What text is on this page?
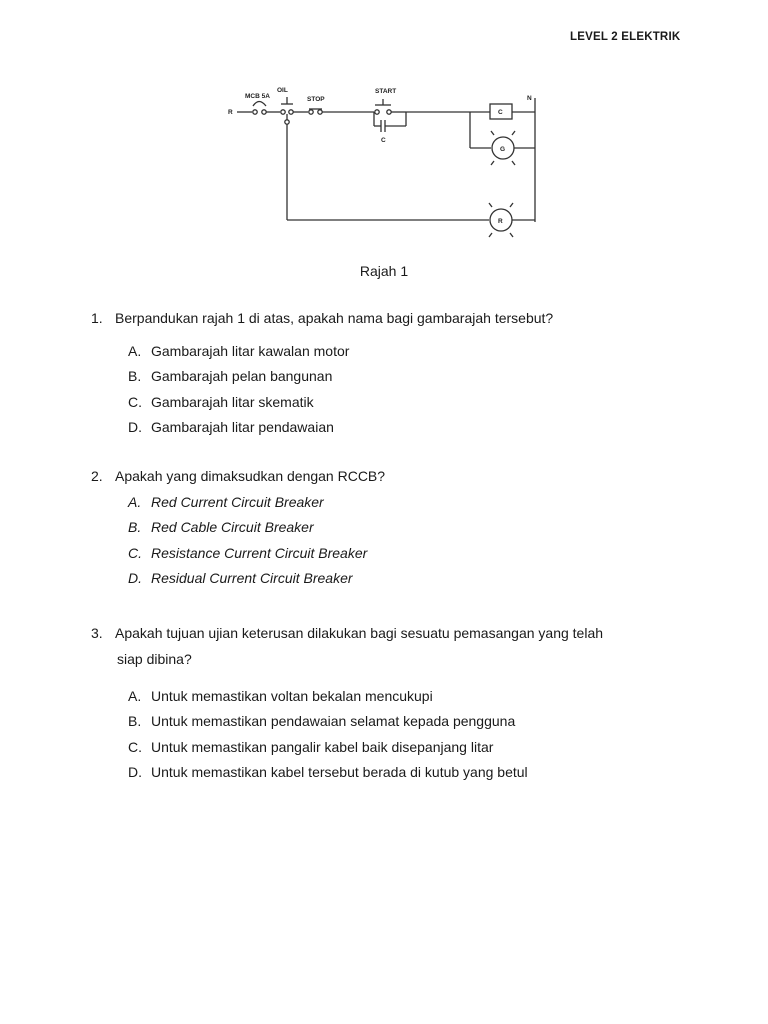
LEVEL 2 ELEKTRIK
R
MCB 5A
OIL
STOP
START
C
N
C
G
R
Rajah 1
1. Berpandukan rajah 1 di atas, apakah nama bagi gambarajah tersebut?
A. Gambarajah litar kawalan motor
B. Gambarajah pelan bangunan
C. Gambarajah litar skematik
D. Gambarajah litar pendawaian
2. Apakah yang dimaksudkan dengan RCCB?
A. Red Current Circuit Breaker
B. Red Cable Circuit Breaker
C. Resistance Current Circuit Breaker
D. Residual Current Circuit Breaker
3. Apakah tujuan ujian keterusan dilakukan bagi sesuatu pemasangan yang telah
siap dibina?
A. Untuk memastikan voltan bekalan mencukupi
B. Untuk memastikan pendawaian selamat kepada pengguna
C. Untuk memastikan pangalir kabel baik disepanjang litar
D. Untuk memastikan kabel tersebut berada di kutub yang betul
